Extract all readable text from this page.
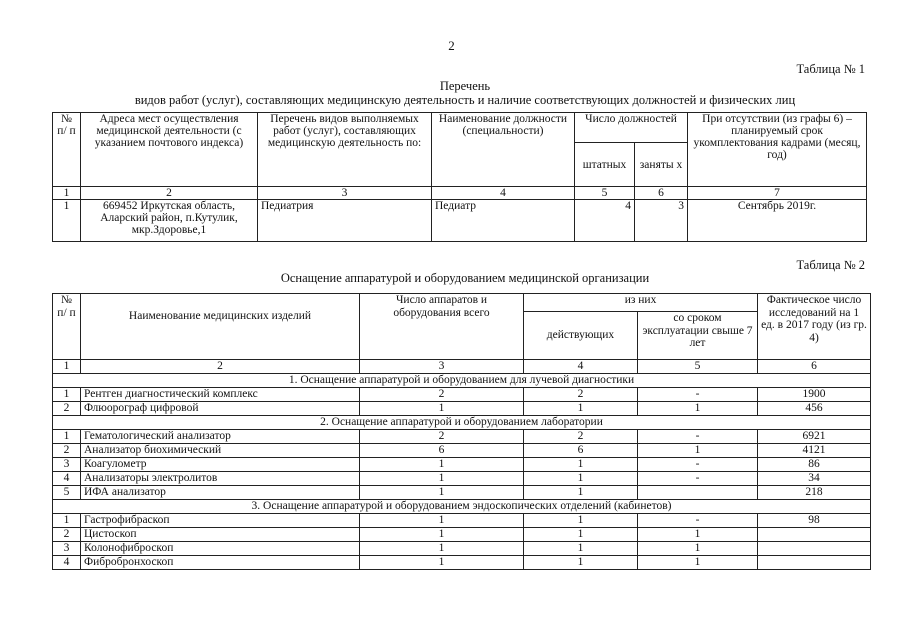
2
Таблица № 1
Перечень
видов работ (услуг), составляющих медицинскую деятельность и наличие соответствующих должностей и физических лиц
№ п/ п	Адреса мест осуществления медицинской деятельности (с указанием почтового индекса)	Перечень видов выполняемых работ (услуг), составляющих медицинскую деятельность по:	Наименование должности (специальности)	Число должностей		При отсутствии (из графы 6) – планируемый срок укомплектования кадрами (месяц, год)
				штатных	заняты х	
1	2	3	4	5	6	7
1	669452 Иркутская область, Аларский район, п.Кутулик, мкр.Здоровье,1	Педиатрия	Педиатр	4	3	Сентябрь 2019г.
Таблица № 2
Оснащение аппаратурой и оборудованием медицинской организации
№ п/ п	Наименование медицинских изделий	Число аппаратов и оборудования всего	из них		Фактическое число исследований на 1 ед. в 2017 году (из гр. 4)
			действующих	со сроком эксплуатации свыше 7 лет	
1	2	3	4	5	6
1. Оснащение аппаратурой и оборудованием для лучевой диагностики					
1	Рентген диагностический комплекс	2	2	-	1900
2	Флюорограф цифровой	1	1	1	456
2. Оснащение аппаратурой и оборудованием лаборатории					
1	Гематологический анализатор	2	2	-	6921
2	Анализатор биохимический	6	6	1	4121
3	Коагулометр	1	1	-	86
4	Анализаторы электролитов	1	1	-	34
5	ИФА анализатор	1	1		218
3. Оснащение аппаратурой и оборудованием эндоскопических отделений (кабинетов)					
1	Гастрофибраскоп	1	1	-	98
2	Цистоскоп	1	1	1	
3	Колонофиброскоп	1	1	1	
4	Фибробронхоскоп	1	1	1	
